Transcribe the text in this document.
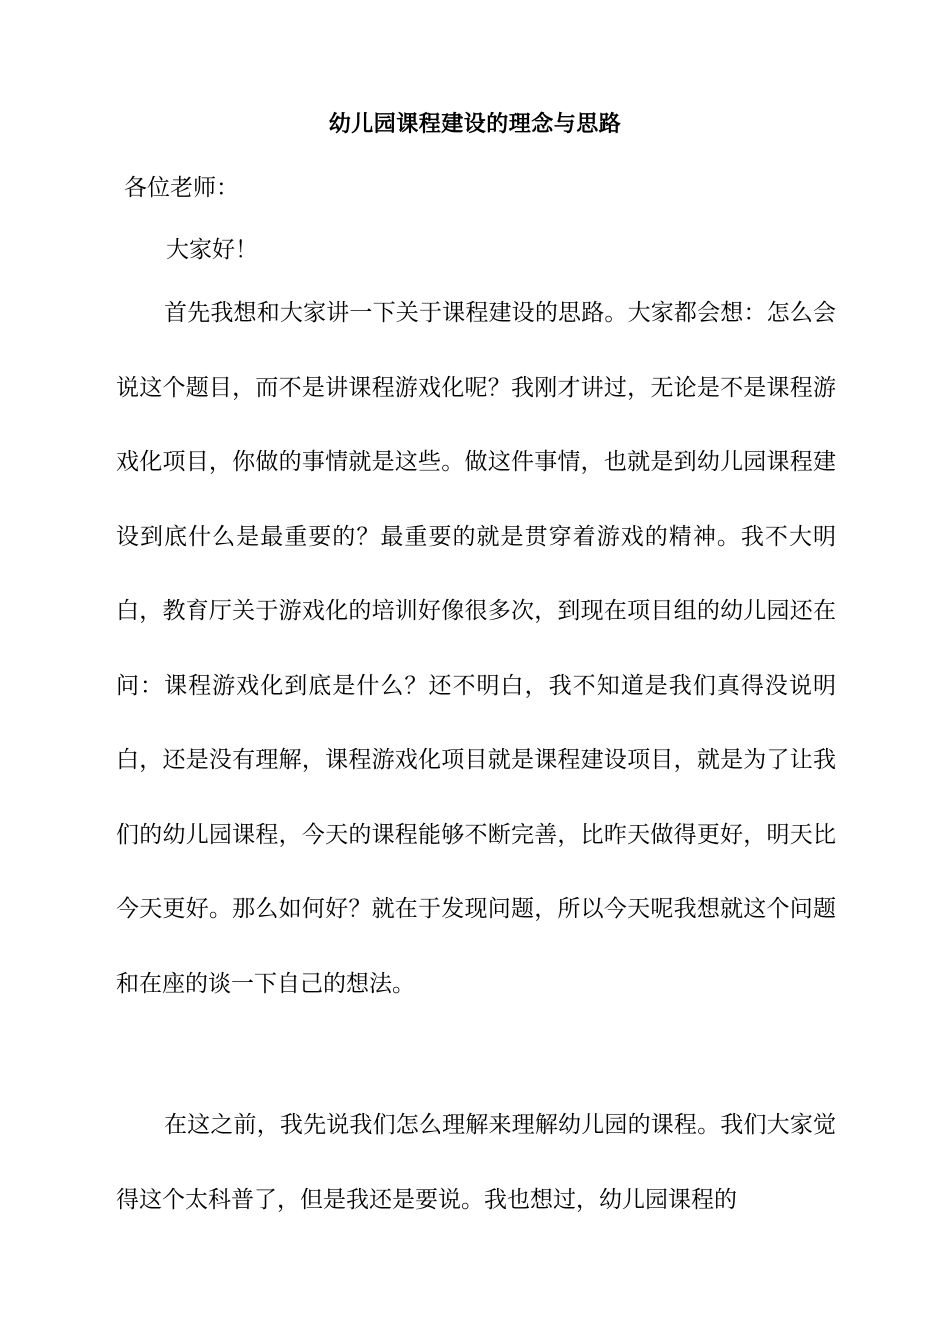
幼儿园课程建设的理念与思路
各位老师：
大家好！

首先我想和大家讲一下关于课程建设的思路。大家都会想：怎么会说这个题目，而不是讲课程游戏化呢？我刚才讲过，无论是不是课程游戏化项目，你做的事情就是这些。做这件事情，也就是到幼儿园课程建设到底什么是最重要的？最重要的就是贯穿着游戏的精神。我不大明白，教育厅关于游戏化的培训好像很多次，到现在项目组的幼儿园还在问：课程游戏化到底是什么？还不明白，我不知道是我们真得没说明白，还是没有理解，课程游戏化项目就是课程建设项目，就是为了让我们的幼儿园课程，今天的课程能够不断完善，比昨天做得更好，明天比今天更好。那么如何好？就在于发现问题，所以今天呢我想就这个问题和在座的谈一下自己的想法。

在这之前，我先说我们怎么理解来理解幼儿园的课程。我们大家觉得这个太科普了，但是我还是要说。我也想过，幼儿园课程的
